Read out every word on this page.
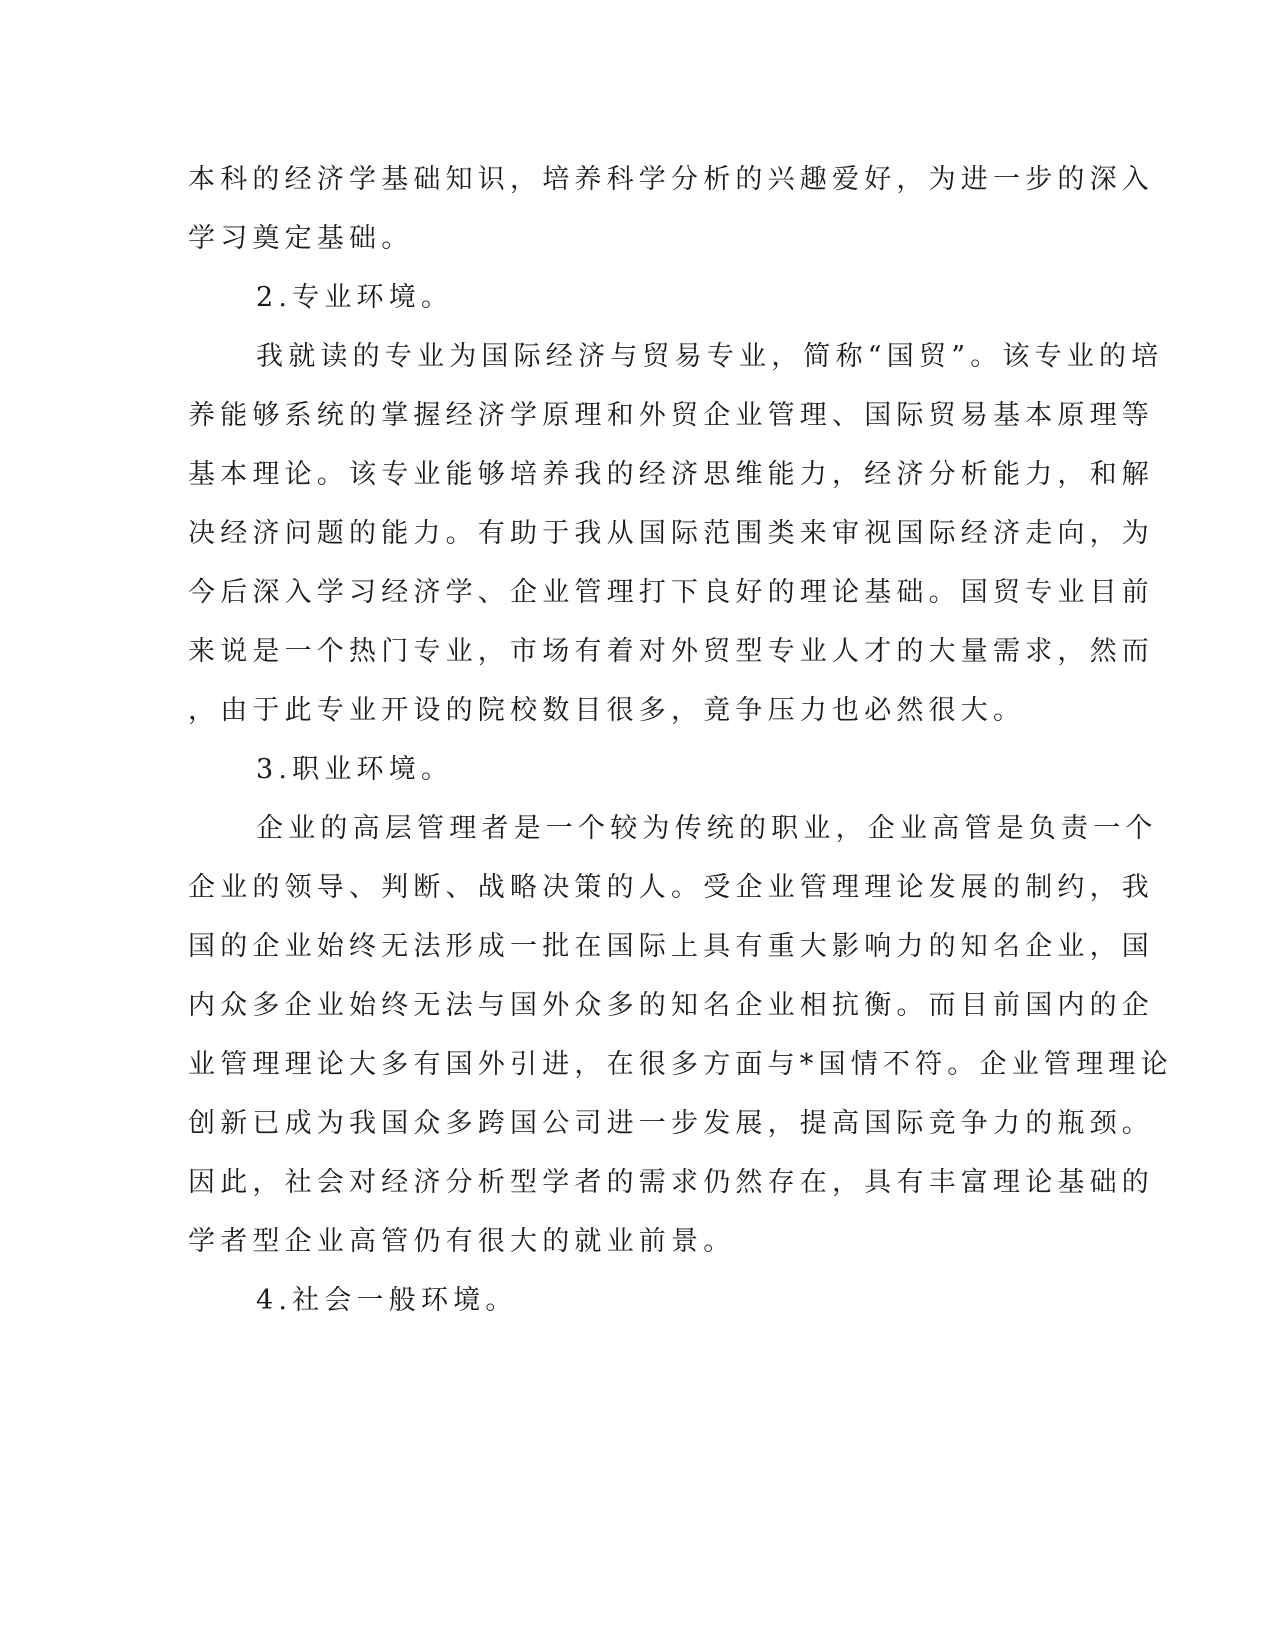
本科的经济学基础知识，培养科学分析的兴趣爱好，为进一步的深入
学习奠定基础。
2.专业环境。
我就读的专业为国际经济与贸易专业，简称“国贸”。该专业的培
养能够系统的掌握经济学原理和外贸企业管理、国际贸易基本原理等
基本理论。该专业能够培养我的经济思维能力，经济分析能力，和解
决经济问题的能力。有助于我从国际范围类来审视国际经济走向，为
今后深入学习经济学、企业管理打下良好的理论基础。国贸专业目前
来说是一个热门专业，市场有着对外贸型专业人才的大量需求，然而
，由于此专业开设的院校数目很多，竟争压力也必然很大。
3.职业环境。
企业的高层管理者是一个较为传统的职业，企业高管是负责一个
企业的领导、判断、战略决策的人。受企业管理理论发展的制约，我
国的企业始终无法形成一批在国际上具有重大影响力的知名企业，国
内众多企业始终无法与国外众多的知名企业相抗衡。而目前国内的企
业管理理论大多有国外引进，在很多方面与*国情不符。企业管理理论
创新已成为我国众多跨国公司进一步发展，提高国际竞争力的瓶颈。
因此，社会对经济分析型学者的需求仍然存在，具有丰富理论基础的
学者型企业高管仍有很大的就业前景。
4.社会一般环境。
